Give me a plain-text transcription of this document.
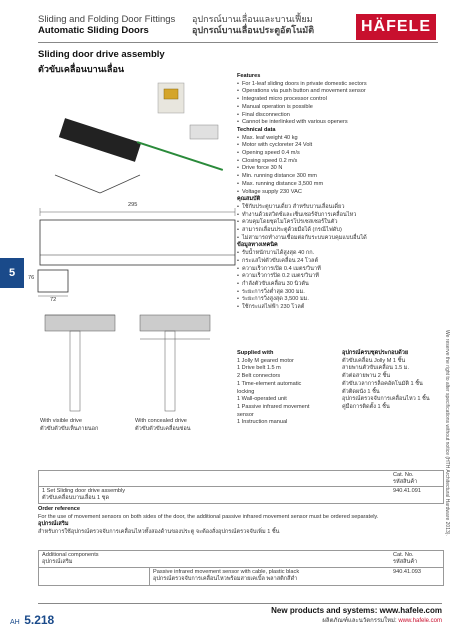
Sliding and Folding Door Fittings
Automatic Sliding Doors
อุปกรณ์บานเลื่อนและบานเฟี้ยม
อุปกรณ์บานเลื่อนประตูอัตโนมัติ	HÄFELE
Sliding door drive assembly
ตัวขับเคลื่อนบานเลื่อน
295
76
72
5
With visible drive
ตัวขับตัวขับเห็นภายนอก
With concealed drive
ตัวขับตัวขับเคลื่อนซ่อน
Features
• For 1-leaf sliding doors in private domestic sectors
• Operations via push button and movement sensor
• Integrated micro processor control
• Manual operation is possible
• Final disconnection
• Cannot be interlinked with various openers
Technical data
• Max. leaf weight 40 kg
• Motor with cycloreter 24 Volt
• Opening speed 0.4 m/s
• Closing speed 0.2 m/s
• Drive force 30 N
• Min. running distance 300 mm
• Max. running distance 3,500 mm
• Voltage supply 230 VAC
คุณสมบัติ
• ใช้กับประตูบานเดี่ยว สำหรับบานเลื่อนเดี่ยว
• ทำงานด้วยสวิตช์และเซ็นเซอร์จับการเคลื่อนไหว
• ควบคุมโดยชุดไมโครโปรเซสเซอร์ในตัว
• สามารถเลื่อนประตูด้วยมือได้ (กรณีไฟดับ)
• ไม่สามารถทำงานเชื่อมต่อกับระบบควบคุมแบบอื่นได้
ข้อมูลทางเทคนิค
• รับน้ำหนักบานได้สูงสุด 40 กก.
• กระแสไฟตัวขับเคลื่อน 24 โวลต์
• ความเร็วการเปิด 0.4 เมตร/วินาที
• ความเร็วการปิด 0.2 เมตร/วินาที
• กำลังตัวขับเคลื่อน 30 นิวตัน
• ระยะการวิ่งต่ำสุด 300 มม.
• ระยะการวิ่งสูงสุด 3,500 มม.
• ใช้กระแสไฟฟ้า 230 โวลต์
Supplied with
1 Jolly M geared motor
1 Drive belt 1.5 m
2 Belt connectors
1 Time-element automatic
locking
1 Wall-operated unit
1 Passive infrared movement
sensor
1 Instruction manual
อุปกรณ์ครบชุดประกอบด้วย
ตัวขับเคลื่อน Jolly M 1 ชิ้น
สายพานตัวขับเคลื่อน 1.5 ม.
ตัวต่อสายพาน 2 ชิ้น
ตัวขับเวลาการล็อคอัตโนมัติ 1 ชิ้น
ตัวติดผนัง 1 ชิ้น
อุปกรณ์ตรวจจับการเคลื่อนไหว 1 ชิ้น
คู่มือการติดตั้ง 1 ชิ้น
Cat. No.
รหัสสินค้า
1 Set Sliding door drive assembly
ตัวขับเคลื่อนบานเลื่อน 1 ชุด
940.41.091
Order reference
For the use of movement sensors on both sides of the door, the additional passive infrared movement sensor must be ordered separately.
อุปกรณ์เสริม
สำหรับการใช้อุปกรณ์ตรวจจับการเคลื่อนไหวทั้งสองด้านของประตู จะต้องสั่งอุปกรณ์ตรวจจับเพิ่ม 1 ชิ้น
Additional components
อุปกรณ์เสริม
Cat. No.
รหัสสินค้า
Passive infrared movement sensor with cable, plastic black
อุปกรณ์ตรวจจับการเคลื่อนไหวพร้อมสายเคเบิ้ล พลาสติกสีดำ
940.41.093
AH 5.218
New products and systems: www.hafele.com
ผลิตภัณฑ์และนวัตกรรมใหม่: www.hafele.com
We reserve the right to alter specifications without notice (HTH Architectural Hardware 2013).
